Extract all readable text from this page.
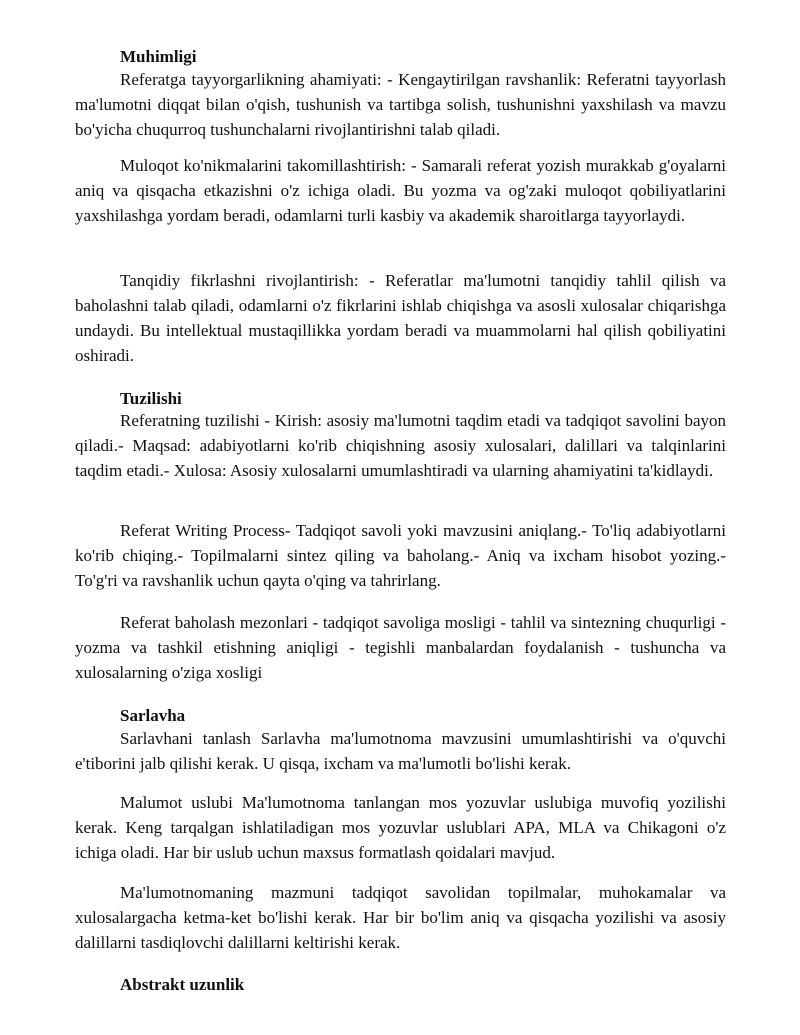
Muhimligi

Referatga tayyorgarlikning ahamiyati: - Kengaytirilgan ravshanlik: Referatni tayyorlash ma'lumotni diqqat bilan o'qish, tushunish va tartibga solish, tushunishni yaxshilash va mavzu bo'yicha chuqurroq tushunchalarni rivojlantirishni talab qiladi.

Muloqot ko'nikmalarini takomillashtirish: - Samarali referat yozish murakkab g'oyalarni aniq va qisqacha etkazishni o'z ichiga oladi. Bu yozma va og'zaki muloqot qobiliyatlarini yaxshilashga yordam beradi, odamlarni turli kasbiy va akademik sharoitlarga tayyorlaydi.

Tanqidiy fikrlashni rivojlantirish: - Referatlar ma'lumotni tanqidiy tahlil qilish va baholashni talab qiladi, odamlarni o'z fikrlarini ishlab chiqishga va asosli xulosalar chiqarishga undaydi. Bu intellektual mustaqillikka yordam beradi va muammolarni hal qilish qobiliyatini oshiradi.

Tuzilishi

Referatning tuzilishi - Kirish: asosiy ma'lumotni taqdim etadi va tadqiqot savolini bayon qiladi.- Maqsad: adabiyotlarni ko'rib chiqishning asosiy xulosalari, dalillari va talqinlarini taqdim etadi.- Xulosa: Asosiy xulosalarni umumlashtiradi va ularning ahamiyatini ta'kidlaydi.

Referat Writing Process- Tadqiqot savoli yoki mavzusini aniqlang.- To'liq adabiyotlarni ko'rib chiqing.- Topilmalarni sintez qiling va baholang.- Aniq va ixcham hisobot yozing.- To'g'ri va ravshanlik uchun qayta o'qing va tahrirlang.

Referat baholash mezonlari - tadqiqot savoliga mosligi - tahlil va sintezning chuqurligi - yozma va tashkil etishning aniqligi - tegishli manbalardan foydalanish - tushuncha va xulosalarning o'ziga xosligi

Sarlavha

Sarlavhani tanlash Sarlavha ma'lumotnoma mavzusini umumlashtirishi va o'quvchi e'tiborini jalb qilishi kerak. U qisqa, ixcham va ma'lumotli bo'lishi kerak.

Malumot uslubi Ma'lumotnoma tanlangan mos yozuvlar uslubiga muvofiq yozilishi kerak. Keng tarqalgan ishlatiladigan mos yozuvlar uslublari APA, MLA va Chikagoni o'z ichiga oladi. Har bir uslub uchun maxsus formatlash qoidalari mavjud.

Ma'lumotnomaning mazmuni tadqiqot savolidan topilmalar, muhokamalar va xulosalargacha ketma-ket bo'lishi kerak. Har bir bo'lim aniq va qisqacha yozilishi va asosiy dalillarni tasdiqlovchi dalillarni keltirishi kerak.

Abstrakt uzunlik
